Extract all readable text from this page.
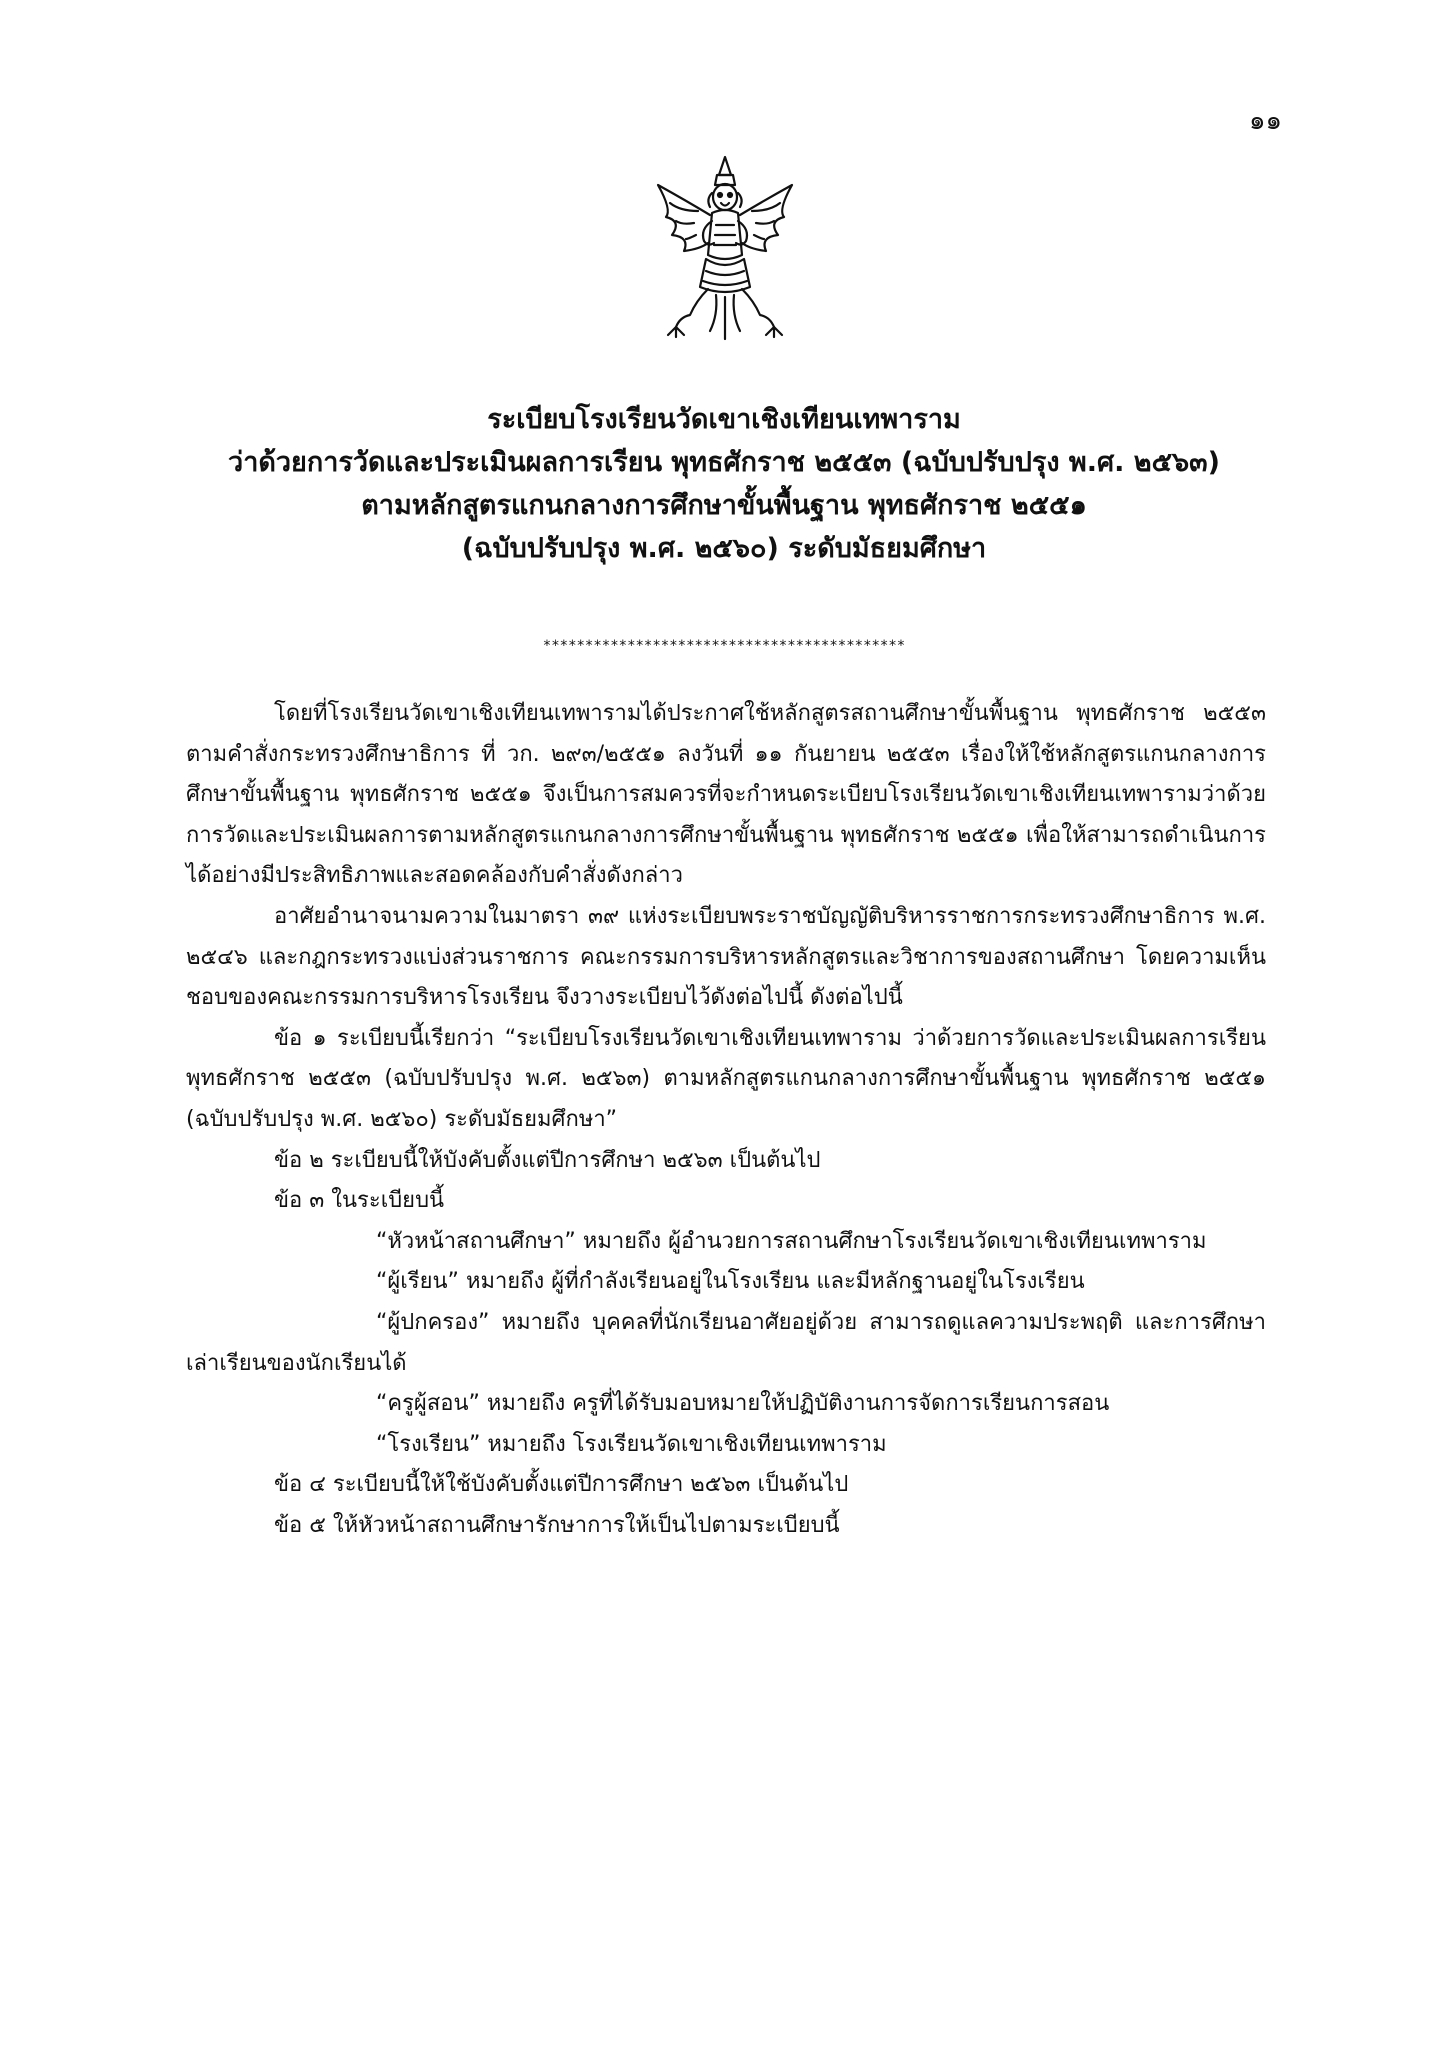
๑๑
ระเบียบโรงเรียนวัดเขาเชิงเทียนเทพาราม
ว่าด้วยการวัดและประเมินผลการเรียน พุทธศักราช ๒๕๕๓ (ฉบับปรับปรุง พ.ศ. ๒๕๖๓)
ตามหลักสูตรแกนกลางการศึกษาขั้นพื้นฐาน พุทธศักราช ๒๕๕๑
(ฉบับปรับปรุง พ.ศ. ๒๕๖๐) ระดับมัธยมศึกษา
*******************************************

โดยที่โรงเรียนวัดเขาเชิงเทียนเทพารามได้ประกาศใช้หลักสูตรสถานศึกษาขั้นพื้นฐาน พุทธศักราช ๒๕๕๓ ตามคำสั่งกระทรวงศึกษาธิการ ที่ วก. ๒๙๓/๒๕๕๑ ลงวันที่ ๑๑ กันยายน ๒๕๕๓ เรื่องให้ใช้หลักสูตรแกนกลางการศึกษาขั้นพื้นฐาน พุทธศักราช ๒๕๕๑ จึงเป็นการสมควรที่จะกำหนดระเบียบโรงเรียนวัดเขาเชิงเทียนเทพารามว่าด้วย การวัดและประเมินผลการตามหลักสูตรแกนกลางการศึกษาขั้นพื้นฐาน พุทธศักราช ๒๕๕๑ เพื่อให้สามารถดำเนินการได้อย่างมีประสิทธิภาพและสอดคล้องกับคำสั่งดังกล่าว

อาศัยอำนาจนามความในมาตรา ๓๙ แห่งระเบียบพระราชบัญญัติบริหารราชการกระทรวงศึกษาธิการ พ.ศ. ๒๕๔๖ และกฎกระทรวงแบ่งส่วนราชการ คณะกรรมการบริหารหลักสูตรและวิชาการของสถานศึกษา โดยความเห็นชอบของคณะกรรมการบริหารโรงเรียน จึงวางระเบียบไว้ดังต่อไปนี้ ดังต่อไปนี้

ข้อ ๑ ระเบียบนี้เรียกว่า “ระเบียบโรงเรียนวัดเขาเชิงเทียนเทพาราม ว่าด้วยการวัดและประเมินผลการเรียนพุทธศักราช ๒๕๕๓ (ฉบับปรับปรุง พ.ศ. ๒๕๖๓) ตามหลักสูตรแกนกลางการศึกษาขั้นพื้นฐาน พุทธศักราช ๒๕๕๑ (ฉบับปรับปรุง พ.ศ. ๒๕๖๐) ระดับมัธยมศึกษา”

ข้อ ๒ ระเบียบนี้ให้บังคับตั้งแต่ปีการศึกษา ๒๕๖๓ เป็นต้นไป

ข้อ ๓ ในระเบียบนี้

“หัวหน้าสถานศึกษา” หมายถึง ผู้อำนวยการสถานศึกษาโรงเรียนวัดเขาเชิงเทียนเทพาราม

“ผู้เรียน” หมายถึง ผู้ที่กำลังเรียนอยู่ในโรงเรียน และมีหลักฐานอยู่ในโรงเรียน

“ผู้ปกครอง” หมายถึง บุคคลที่นักเรียนอาศัยอยู่ด้วย สามารถดูแลความประพฤติ และการศึกษาเล่าเรียนของนักเรียนได้

“ครูผู้สอน” หมายถึง ครูที่ได้รับมอบหมายให้ปฏิบัติงานการจัดการเรียนการสอน

“โรงเรียน” หมายถึง โรงเรียนวัดเขาเชิงเทียนเทพาราม

ข้อ ๔ ระเบียบนี้ให้ใช้บังคับตั้งแต่ปีการศึกษา ๒๕๖๓ เป็นต้นไป

ข้อ ๕ ให้หัวหน้าสถานศึกษารักษาการให้เป็นไปตามระเบียบนี้
